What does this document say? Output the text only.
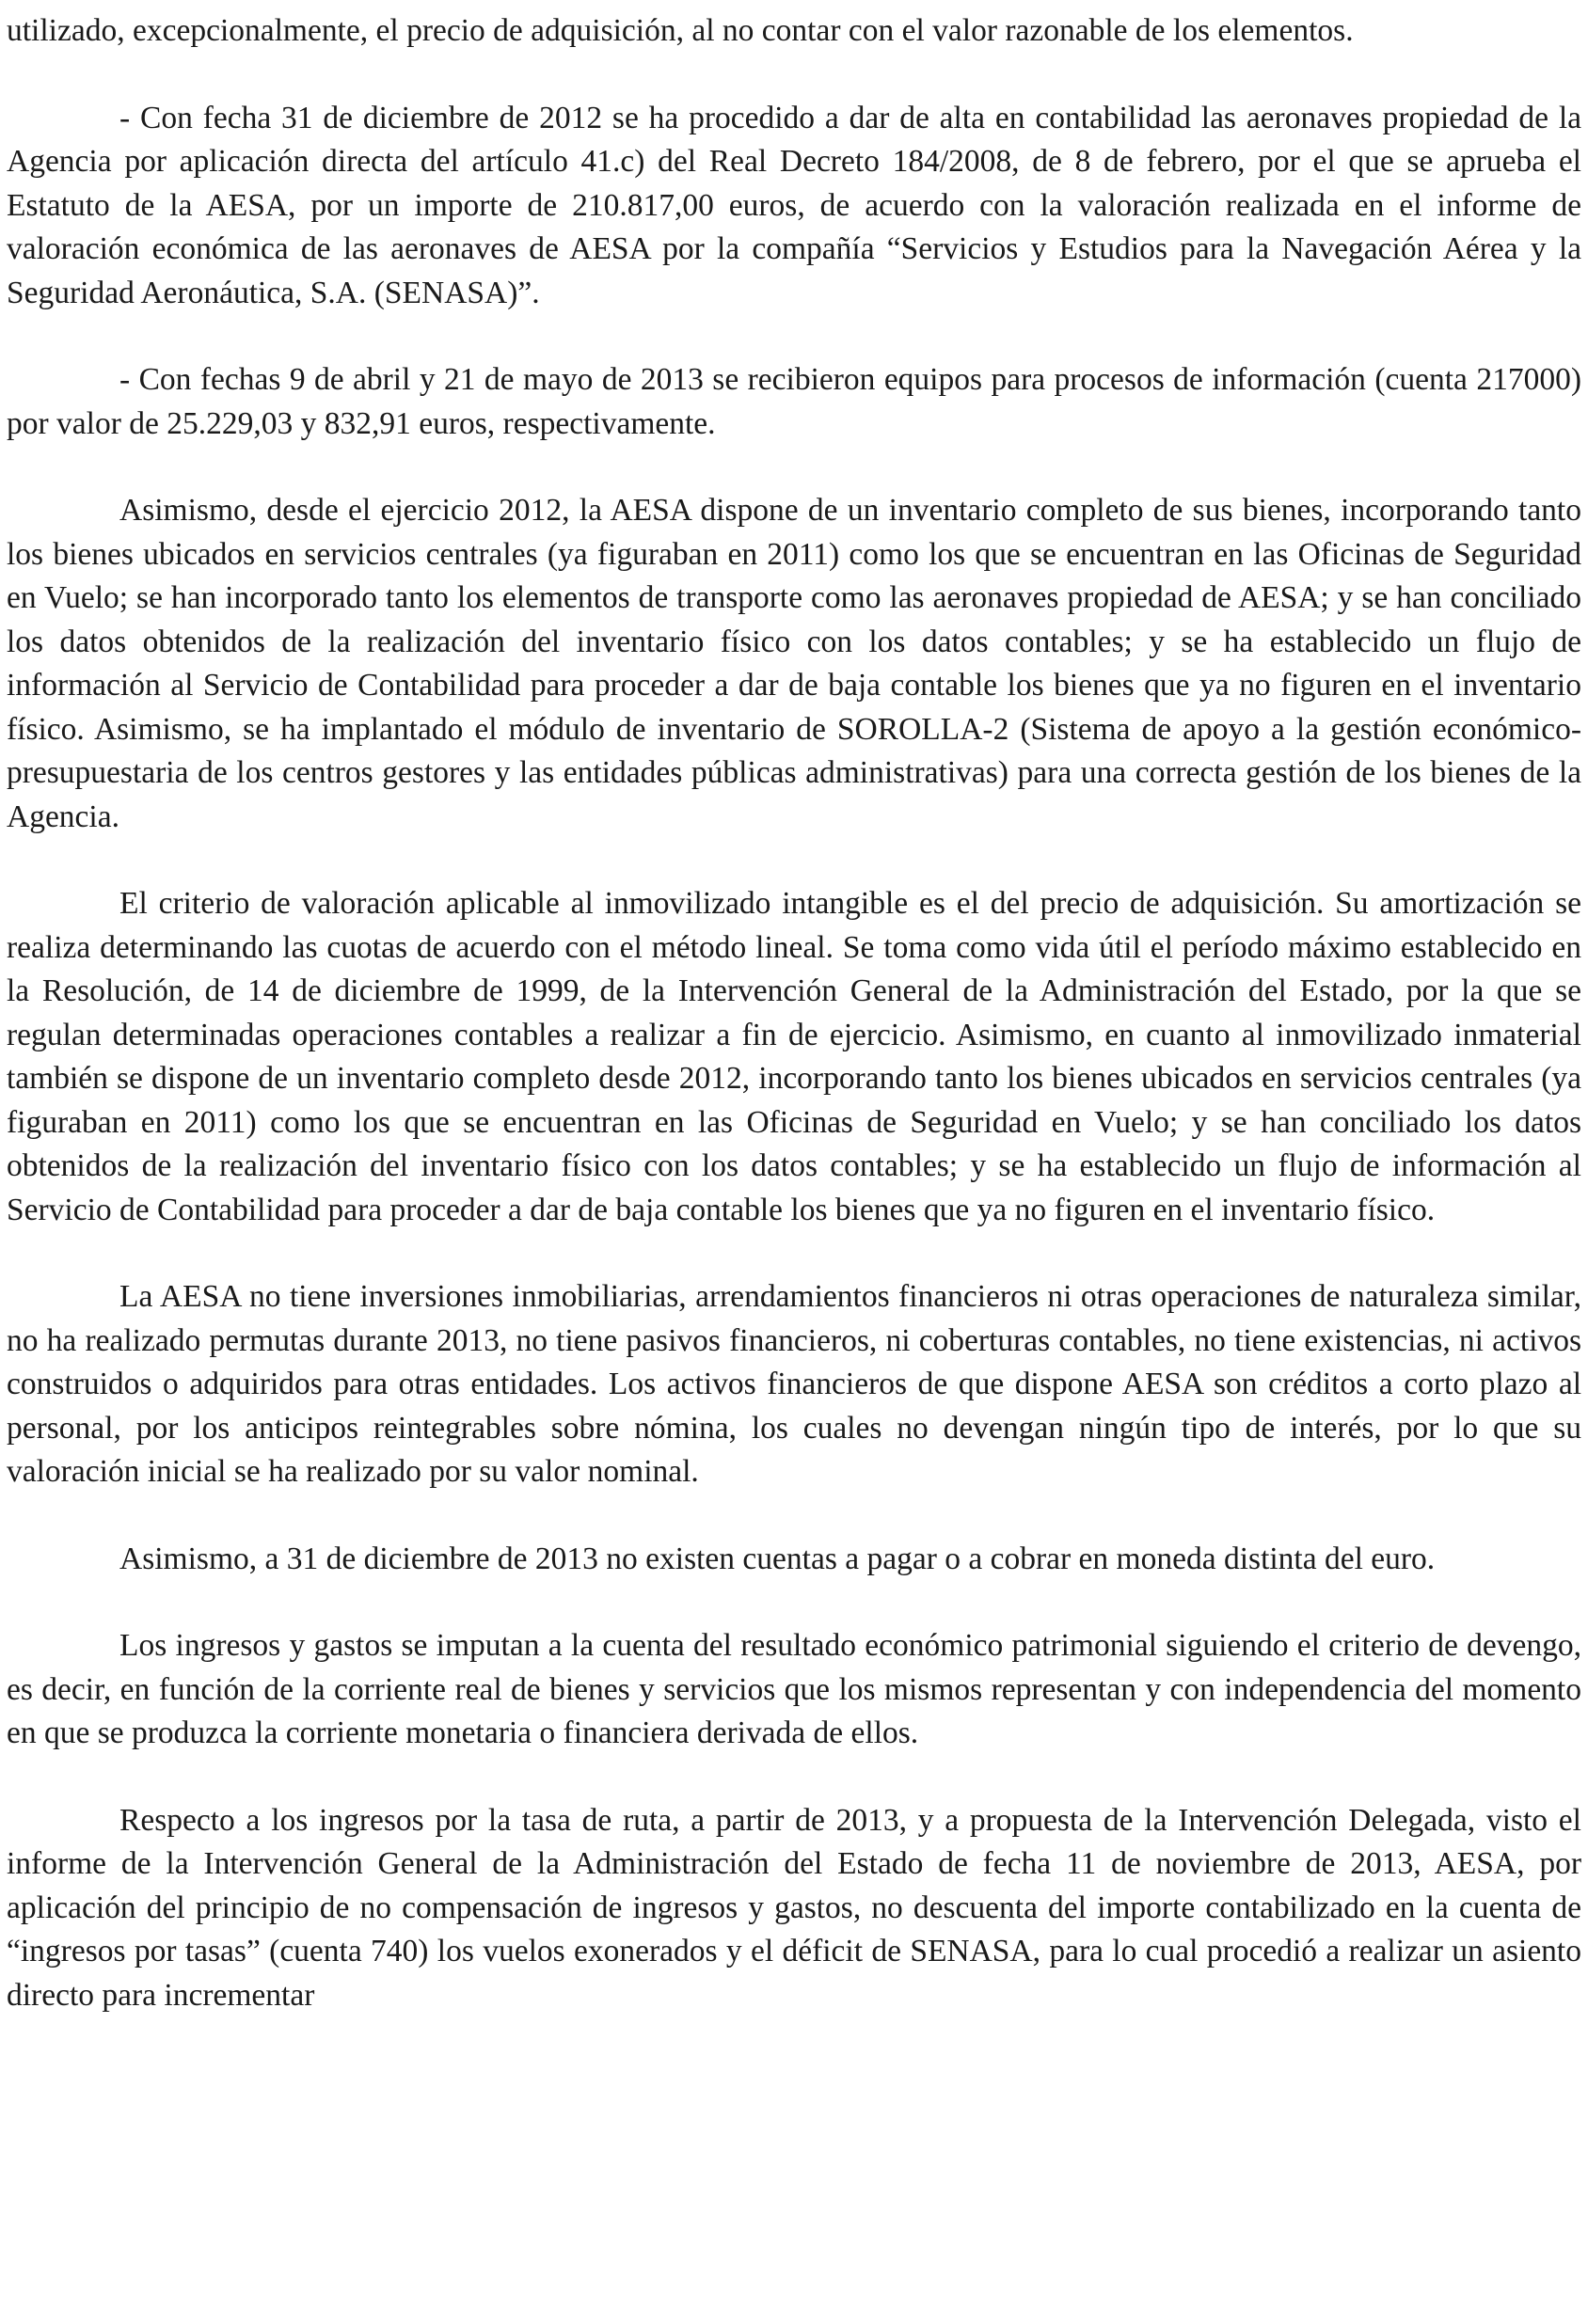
utilizado, excepcionalmente, el precio de adquisición, al no contar con el valor razonable de los elementos.

- Con fecha 31 de diciembre de 2012 se ha procedido a dar de alta en contabilidad las aeronaves propiedad de la Agencia por aplicación directa del artículo 41.c) del Real Decreto 184/2008, de 8 de febrero, por el que se aprueba el Estatuto de la AESA, por un importe de 210.817,00 euros, de acuerdo con la valoración realizada en el informe de valoración económica de las aeronaves de AESA por la compañía “Servicios y Estudios para la Navegación Aérea y la Seguridad Aeronáutica, S.A. (SENASA)”.

- Con fechas 9 de abril y 21 de mayo de 2013 se recibieron equipos para procesos de información (cuenta 217000) por valor de 25.229,03 y 832,91 euros, respectivamente.

Asimismo, desde el ejercicio 2012, la AESA dispone de un inventario completo de sus bienes, incorporando tanto los bienes ubicados en servicios centrales (ya figuraban en 2011) como los que se encuentran en las Oficinas de Seguridad en Vuelo; se han incorporado tanto los elementos de transporte como las aeronaves propiedad de AESA; y se han conciliado los datos obtenidos de la realización del inventario físico con los datos contables; y se ha establecido un flujo de información al Servicio de Contabilidad para proceder a dar de baja contable los bienes que ya no figuren en el inventario físico. Asimismo, se ha implantado el módulo de inventario de SOROLLA-2 (Sistema de apoyo a la gestión económico-presupuestaria de los centros gestores y las entidades públicas administrativas) para una correcta gestión de los bienes de la Agencia.

El criterio de valoración aplicable al inmovilizado intangible es el del precio de adquisición. Su amortización se realiza determinando las cuotas de acuerdo con el método lineal. Se toma como vida útil el período máximo establecido en la Resolución, de 14 de diciembre de 1999, de la Intervención General de la Administración del Estado, por la que se regulan determinadas operaciones contables a realizar a fin de ejercicio. Asimismo, en cuanto al inmovilizado inmaterial también se dispone de un inventario completo desde 2012, incorporando tanto los bienes ubicados en servicios centrales (ya figuraban en 2011) como los que se encuentran en las Oficinas de Seguridad en Vuelo; y se han conciliado los datos obtenidos de la realización del inventario físico con los datos contables; y se ha establecido un flujo de información al Servicio de Contabilidad para proceder a dar de baja contable los bienes que ya no figuren en el inventario físico.

La AESA no tiene inversiones inmobiliarias, arrendamientos financieros ni otras operaciones de naturaleza similar, no ha realizado permutas durante 2013, no tiene pasivos financieros, ni coberturas contables, no tiene existencias, ni activos construidos o adquiridos para otras entidades. Los activos financieros de que dispone AESA son créditos a corto plazo al personal, por los anticipos reintegrables sobre nómina, los cuales no devengan ningún tipo de interés, por lo que su valoración inicial se ha realizado por su valor nominal.

Asimismo, a 31 de diciembre de 2013 no existen cuentas a pagar o a cobrar en moneda distinta del euro.

Los ingresos y gastos se imputan a la cuenta del resultado económico patrimonial siguiendo el criterio de devengo, es decir, en función de la corriente real de bienes y servicios que los mismos representan y con independencia del momento en que se produzca la corriente monetaria o financiera derivada de ellos.

Respecto a los ingresos por la tasa de ruta, a partir de 2013, y a propuesta de la Intervención Delegada, visto el informe de la Intervención General de la Administración del Estado de fecha 11 de noviembre de 2013, AESA, por aplicación del principio de no compensación de ingresos y gastos, no descuenta del importe contabilizado en la cuenta de “ingresos por tasas” (cuenta 740) los vuelos exonerados y el déficit de SENASA, para lo cual procedió a realizar un asiento directo para incrementar
